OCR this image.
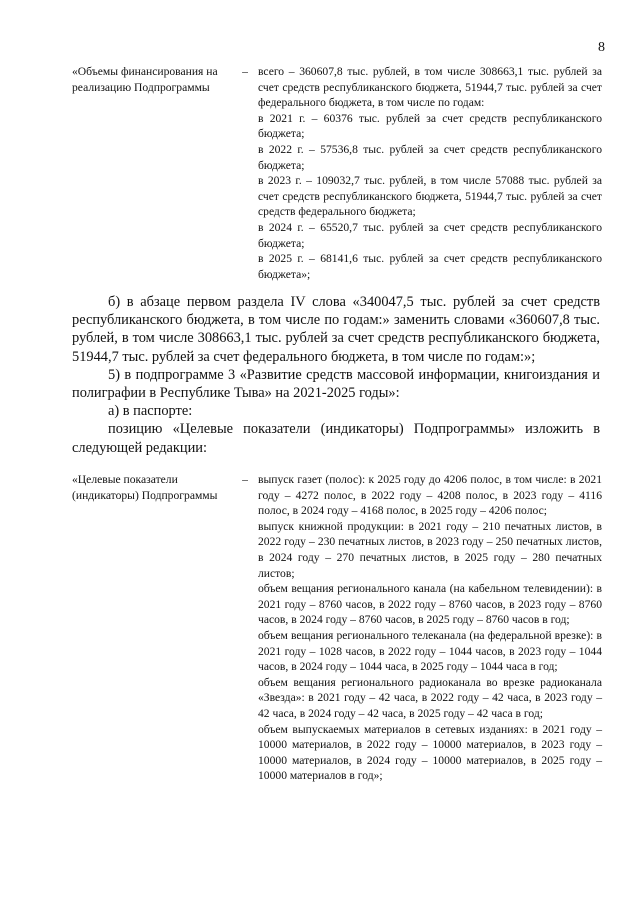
8
«Объемы финансирования на реализацию Подпрограммы
– всего – 360607,8 тыс. рублей, в том числе 308663,1 тыс. рублей за счет средств республиканского бюджета, 51944,7 тыс. рублей за счет федерального бюджета, в том числе по годам:

в 2021 г. – 60376 тыс. рублей за счет средств республиканского бюджета;

в 2022 г. – 57536,8 тыс. рублей за счет средств республиканского бюджета;

в 2023 г. – 109032,7 тыс. рублей, в том числе 57088 тыс. рублей за счет средств республиканского бюджета, 51944,7 тыс. рублей за счет средств федерального бюджета;

в 2024 г. – 65520,7 тыс. рублей за счет средств республиканского бюджета;

в 2025 г. – 68141,6 тыс. рублей за счет средств республиканского бюджета»;

б) в абзаце первом раздела IV слова «340047,5 тыс. рублей за счет средств республиканского бюджета, в том числе по годам:» заменить словами «360607,8 тыс. рублей, в том числе 308663,1 тыс. рублей за счет средств республиканского бюджета, 51944,7 тыс. рублей за счет федерального бюджета, в том числе по годам:»;

5) в подпрограмме 3 «Развитие средств массовой информации, книгоиздания и полиграфии в Республике Тыва» на 2021-2025 годы»:

а) в паспорте:

позицию «Целевые показатели (индикаторы) Подпрограммы» изложить в следующей редакции:

«Целевые показатели (индикаторы) Подпрограммы
– выпуск газет (полос): к 2025 году до 4206 полос, в том числе: в 2021 году – 4272 полос, в 2022 году – 4208 полос, в 2023 году – 4116 полос, в 2024 году – 4168 полос, в 2025 году – 4206 полос;

выпуск книжной продукции: в 2021 году – 210 печатных листов, в 2022 году – 230 печатных листов, в 2023 году – 250 печатных листов, в 2024 году – 270 печатных листов, в 2025 году – 280 печатных листов;

объем вещания регионального канала (на кабельном телевидении): в 2021 году – 8760 часов, в 2022 году – 8760 часов, в 2023 году – 8760 часов, в 2024 году – 8760 часов, в 2025 году – 8760 часов в год;

объем вещания регионального телеканала (на федеральной врезке): в 2021 году – 1028 часов, в 2022 году – 1044 часов, в 2023 году – 1044 часов, в 2024 году – 1044 часа, в 2025 году – 1044 часа в год;

объем вещания регионального радиоканала во врезке радиоканала «Звезда»: в 2021 году – 42 часа, в 2022 году – 42 часа, в 2023 году – 42 часа, в 2024 году – 42 часа, в 2025 году – 42 часа в год;

объем выпускаемых материалов в сетевых изданиях: в 2021 году – 10000 материалов, в 2022 году – 10000 материалов, в 2023 году – 10000 материалов, в 2024 году – 10000 материалов, в 2025 году – 10000 материалов в год»;
